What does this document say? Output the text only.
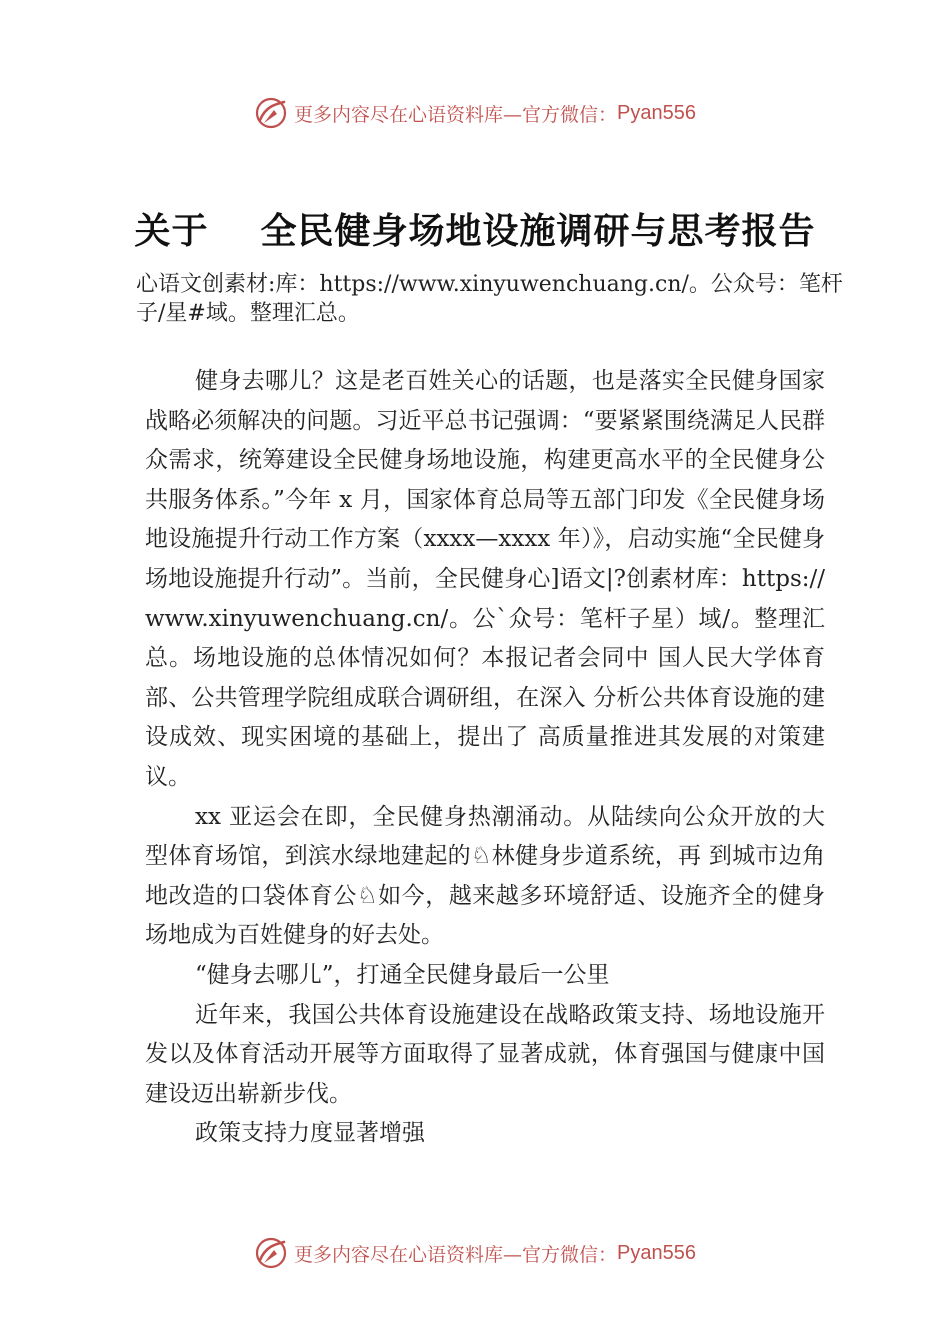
更多内容尽在心语资料库—官方微信： Pyan556
关于 全民健身场地设施调研与思考报告
心语文创素材:库：https://www.xinyuwenchuang.cn/。公众号：笔杆子/星#域。整理汇总。

健身去哪儿？这是老百姓关心的话题，也是落实全民健身国家战略必须解决的问题。习近平总书记强调：“要紧紧围绕满足人民群众需求，统筹建设全民健身场地设施，构建更高水平的全民健身公共服务体系。”今年 x 月，国家体育总局等五部门印发《全民健身场地设施提升行动工作方案（xxxx—xxxx 年）》，启动实施“全民健身场地设施提升行动”。当前，全民健身心]语文|?创素材库：https://www.xinyuwenchuang.cn/。公`众号：笔杆子星）域/。整理汇总。场地设施的总体情况如何？本报记者会同中 国人民大学体育部、公共管理学院组成联合调研组，在深入 分析公共体育设施的建设成效、现实困境的基础上，提出了 高质量推进其发展的对策建议。

xx 亚运会在即，全民健身热潮涌动。从陆续向公众开放的大型体育场馆，到滨水绿地建起的♘林健身步道系统，再 到城市边角地改造的口袋体育公♘如今，越来越多环境舒适、设施齐全的健身场地成为百姓健身的好去处。

“健身去哪儿”，打通全民健身最后一公里

近年来，我国公共体育设施建设在战略政策支持、场地设施开发以及体育活动开展等方面取得了显著成就，体育强国与健康中国建设迈出崭新步伐。

政策支持力度显著增强

更多内容尽在心语资料库—官方微信： Pyan556
